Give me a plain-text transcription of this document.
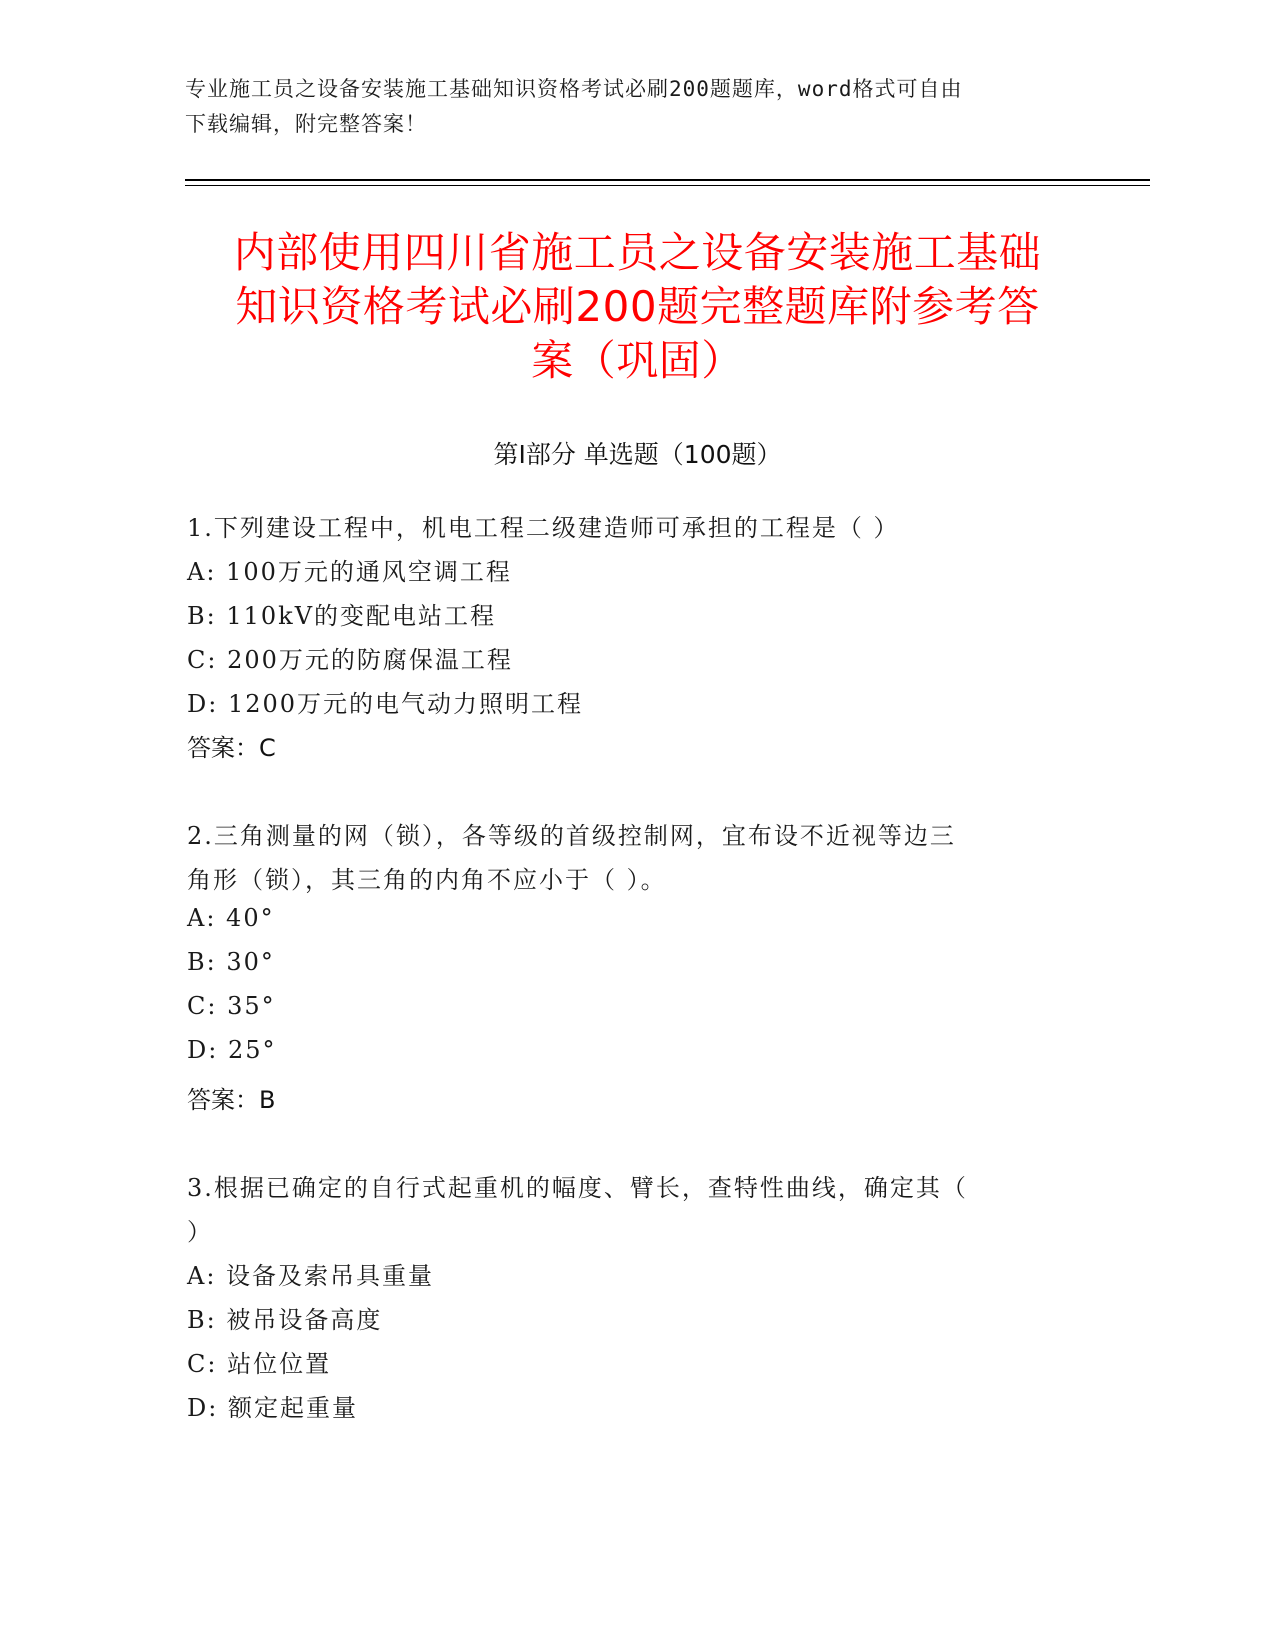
专业施工员之设备安装施工基础知识资格考试必刷200题题库，word格式可自由
下载编辑，附完整答案！
内部使用四川省施工员之设备安装施工基础
知识资格考试必刷200题完整题库附参考答
案（巩固）
第Ⅰ部分 单选题（100题）
1.下列建设工程中，机电工程二级建造师可承担的工程是（ ）
A: 100万元的通风空调工程
B: 110kV的变配电站工程
C: 200万元的防腐保温工程
D: 1200万元的电气动力照明工程
答案：C
2.三角测量的网（锁），各等级的首级控制网，宜布设不近视等边三
角形（锁），其三角的内角不应小于（ ）。
A: 40°
B: 30°
C: 35°
D: 25°
答案：B
3.根据已确定的自行式起重机的幅度、臂长，查特性曲线，确定其（
）
A: 设备及索吊具重量
B: 被吊设备高度
C: 站位位置
D: 额定起重量
